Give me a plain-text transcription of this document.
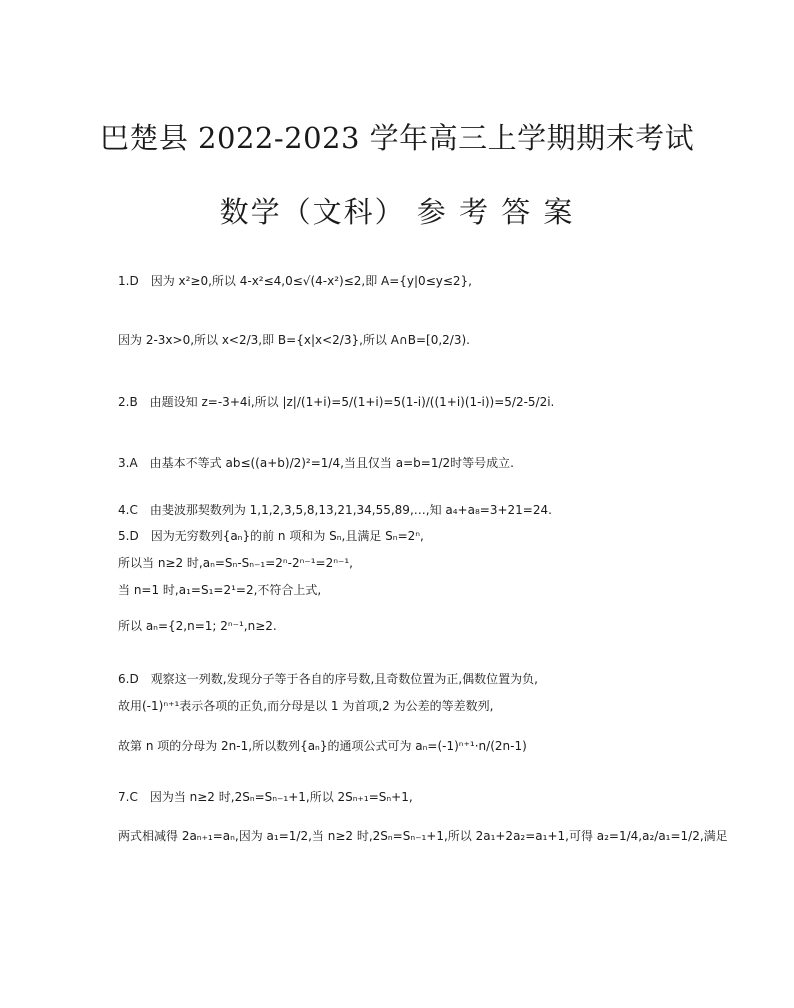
巴楚县 2022-2023 学年高三上学期期末考试
数学（文科） 参 考 答 案
1.D　因为 x²≥0,所以 4-x²≤4,0≤√(4-x²)≤2,即 A={y|0≤y≤2},
因为 2-3x>0,所以 x<2/3,即 B={x|x<2/3},所以 A∩B=[0,2/3).
2.B　由题设知 z=-3+4i,所以 |z|/(1+i)=5/(1+i)=5(1-i)/((1+i)(1-i))=5/2-5/2i.
3.A　由基本不等式 ab≤((a+b)/2)²=1/4,当且仅当 a=b=1/2时等号成立.
4.C　由斐波那契数列为 1,1,2,3,5,8,13,21,34,55,89,…,知 a₄+a₈=3+21=24.
5.D　因为无穷数列{aₙ}的前 n 项和为 Sₙ,且满足 Sₙ=2ⁿ,
所以当 n≥2 时,aₙ=Sₙ-Sₙ₋₁=2ⁿ-2ⁿ⁻¹=2ⁿ⁻¹,
当 n=1 时,a₁=S₁=2¹=2,不符合上式,
所以 aₙ={2,n=1; 2ⁿ⁻¹,n≥2.
6.D　观察这一列数,发现分子等于各自的序号数,且奇数位置为正,偶数位置为负,
故用(-1)ⁿ⁺¹表示各项的正负,而分母是以 1 为首项,2 为公差的等差数列,
故第 n 项的分母为 2n-1,所以数列{aₙ}的通项公式可为 aₙ=(-1)ⁿ⁺¹·n/(2n-1)
7.C　因为当 n≥2 时,2Sₙ=Sₙ₋₁+1,所以 2Sₙ₊₁=Sₙ+1,
两式相减得 2aₙ₊₁=aₙ,因为 a₁=1/2,当 n≥2 时,2Sₙ=Sₙ₋₁+1,所以 2a₁+2a₂=a₁+1,可得 a₂=1/4,a₂/a₁=1/2,满足
